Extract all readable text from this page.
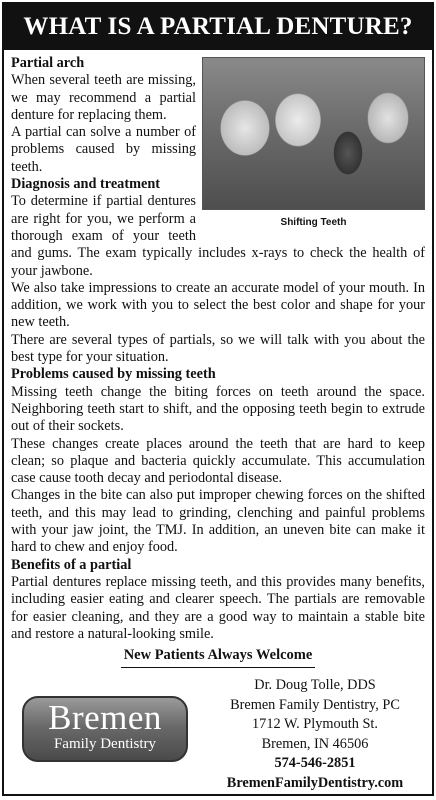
WHAT IS A PARTIAL DENTURE?
Shifting Teeth

Partial arch

When several teeth are missing, we may recommend a partial denture for replacing them.

A partial can solve a number of problems caused by missing teeth.

Diagnosis and treatment

To determine if partial dentures are right for you, we perform a thorough exam of your teeth and gums. The exam typically includes x-rays to check the health of your jawbone.

We also take impressions to create an accurate model of your mouth. In addition, we work with you to select the best color and shape for your new teeth.

There are several types of partials, so we will talk with you about the best type for your situation.

Problems caused by missing teeth

Missing teeth change the biting forces on teeth around the space. Neighboring teeth start to shift, and the opposing teeth begin to extrude out of their sockets.

These changes create places around the teeth that are hard to keep clean; so plaque and bacteria quickly accumulate. This accumulation case cause tooth decay and periodontal disease.

Changes in the bite can also put improper chewing forces on the shifted teeth, and this may lead to grinding, clenching and painful problems with your jaw joint, the TMJ. In addition, an uneven bite can make it hard to chew and enjoy food.

Benefits of a partial

Partial dentures replace missing teeth, and this provides many benefits, including easier eating and clearer speech. The partials are removable for easier cleaning, and they are a good way to maintain a stable bite and restore a natural-looking smile.

New Patients Always Welcome
Bremen
Family Dentistry
Dr. Doug Tolle, DDS
Bremen Family Dentistry, PC
1712 W. Plymouth St.
Bremen, IN 46506
574-546-2851
BremenFamilyDentistry.com
